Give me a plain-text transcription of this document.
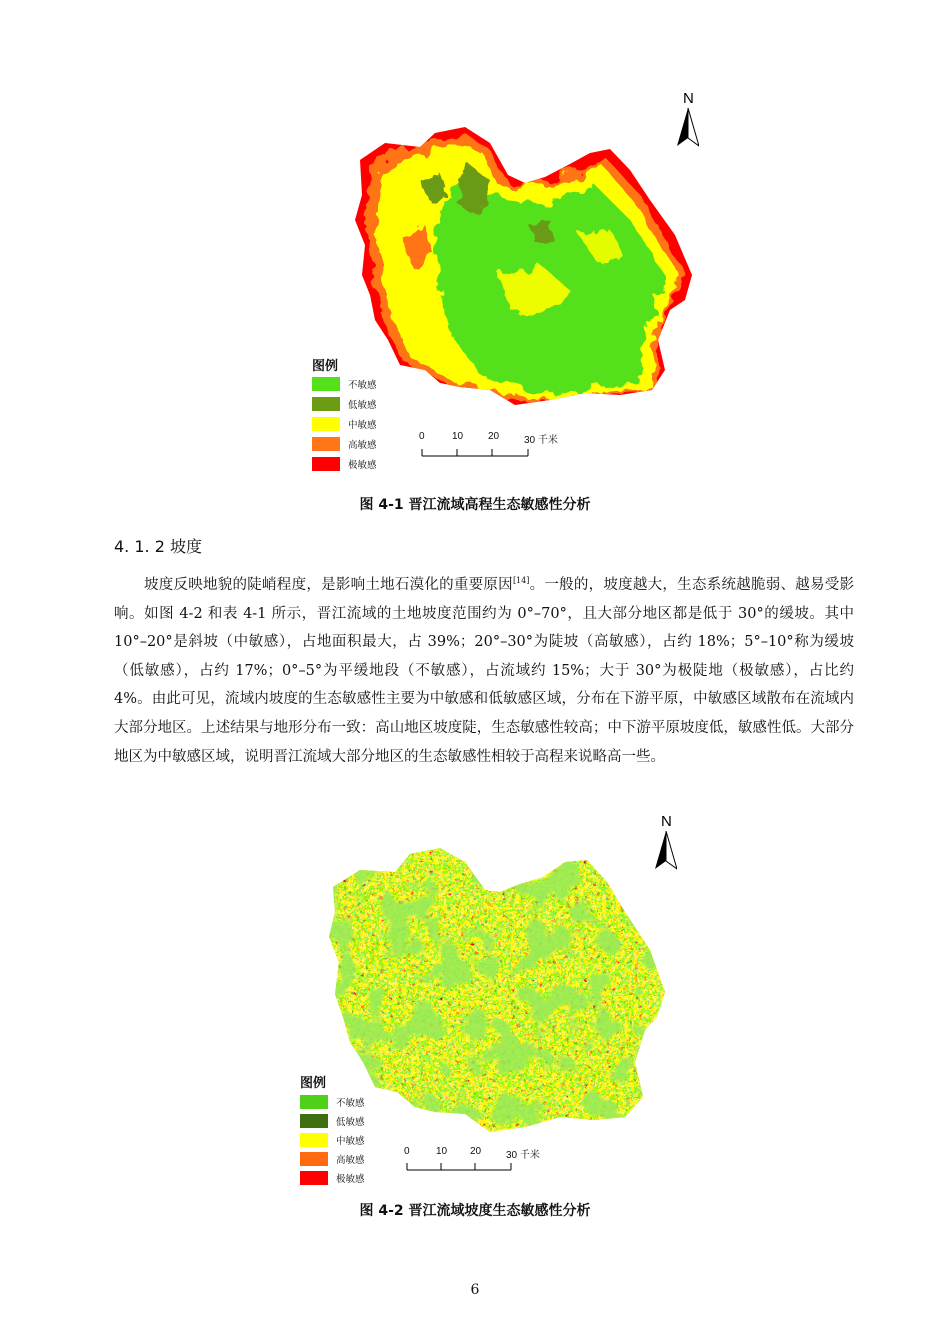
N
图例
不敏感
低敏感
中敏感
高敏感
极敏感
0	10 20 30 千米
图 4-1 晋江流域高程生态敏感性分析
4. 1. 2 坡度

坡度反映地貌的陡峭程度，是影响土地石漠化的重要原因[14]。一般的，坡度越大，生态系统越脆弱、越易受影响。如图 4-2 和表 4-1 所示，晋江流域的土地坡度范围约为 0°–70°，且大部分地区都是低于 30°的缓坡。其中 10°–20°是斜坡（中敏感），占地面积最大，占 39%；20°–30°为陡坡（高敏感），占约 18%；5°–10°称为缓坡（低敏感），占约 17%；0°–5°为平缓地段（不敏感），占流域约 15%；大于 30°为极陡地（极敏感），占比约 4%。由此可见，流域内坡度的生态敏感性主要为中敏感和低敏感区域，分布在下游平原，中敏感区域散布在流域内大部分地区。上述结果与地形分布一致：高山地区坡度陡，生态敏感性较高；中下游平原坡度低，敏感性低。大部分地区为中敏感区域，说明晋江流域大部分地区的生态敏感性相较于高程来说略高一些。

N
图例
不敏感
低敏感
中敏感
高敏感
极敏感
0	10 20 30 千米
图 4-2 晋江流域坡度生态敏感性分析
6
